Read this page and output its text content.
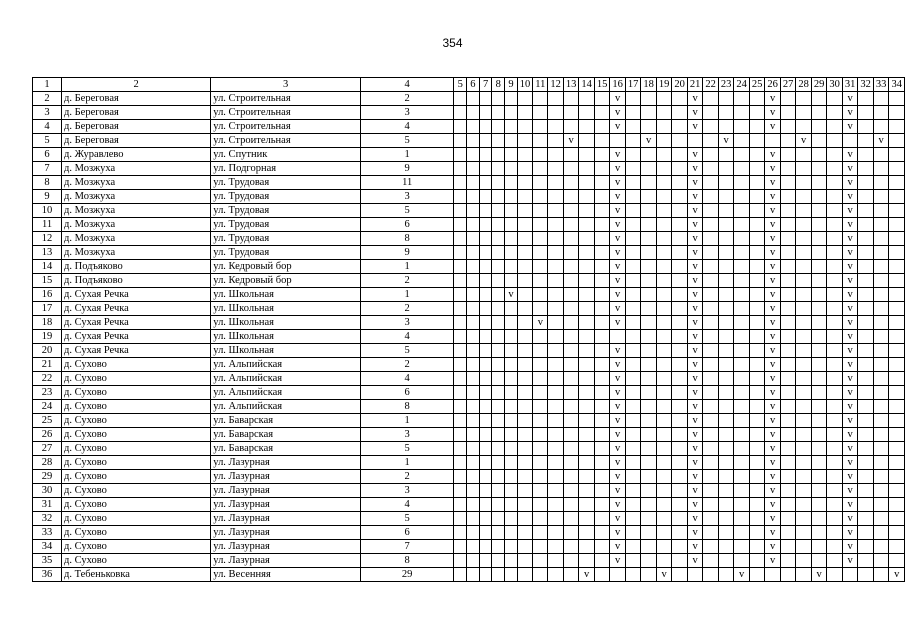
354
1	2	3	4	5	6	7	8	9	10	11	12	13	14	15	16	17	18	19	20	21	22	23	24	25	26	27	28	29	30	31	32	33	34
2	д. Береговая	ул. Строительная	2												v					v					v					v			
3	д. Береговая	ул. Строительная	3												v					v					v					v			
4	д. Береговая	ул. Строительная	4												v					v					v					v			
5	д. Береговая	ул. Строительная	5									v					v					v					v					v	
6	д. Журавлево	ул. Спутник	1												v					v					v					v			
7	д. Мозжуха	ул. Подгорная	9												v					v					v					v			
8	д. Мозжуха	ул. Трудовая	11												v					v					v					v			
9	д. Мозжуха	ул. Трудовая	3												v					v					v					v			
10	д. Мозжуха	ул. Трудовая	5												v					v					v					v			
11	д. Мозжуха	ул. Трудовая	6												v					v					v					v			
12	д. Мозжуха	ул. Трудовая	8												v					v					v					v			
13	д. Мозжуха	ул. Трудовая	9												v					v					v					v			
14	д. Подъяково	ул. Кедровый бор	1												v					v					v					v			
15	д. Подъяково	ул. Кедровый бор	2												v					v					v					v			
16	д. Сухая Речка	ул. Школьная	1					v							v					v					v					v			
17	д. Сухая Речка	ул. Школьная	2												v					v					v					v			
18	д. Сухая Речка	ул. Школьная	3							v					v					v					v					v			
19	д. Сухая Речка	ул. Школьная	4																	v					v					v			
20	д. Сухая Речка	ул. Школьная	5												v					v					v					v			
21	д. Сухово	ул. Альпийская	2												v					v					v					v			
22	д. Сухово	ул. Альпийская	4												v					v					v					v			
23	д. Сухово	ул. Альпийская	6												v					v					v					v			
24	д. Сухово	ул. Альпийская	8												v					v					v					v			
25	д. Сухово	ул. Баварская	1												v					v					v					v			
26	д. Сухово	ул. Баварская	3												v					v					v					v			
27	д. Сухово	ул. Баварская	5												v					v					v					v			
28	д. Сухово	ул. Лазурная	1												v					v					v					v			
29	д. Сухово	ул. Лазурная	2												v					v					v					v			
30	д. Сухово	ул. Лазурная	3												v					v					v					v			
31	д. Сухово	ул. Лазурная	4												v					v					v					v			
32	д. Сухово	ул. Лазурная	5												v					v					v					v			
33	д. Сухово	ул. Лазурная	6												v					v					v					v			
34	д. Сухово	ул. Лазурная	7												v					v					v					v			
35	д. Сухово	ул. Лазурная	8												v					v					v					v			
36	д. Тебеньковка	ул. Весенняя	29										v					v					v					v					v
